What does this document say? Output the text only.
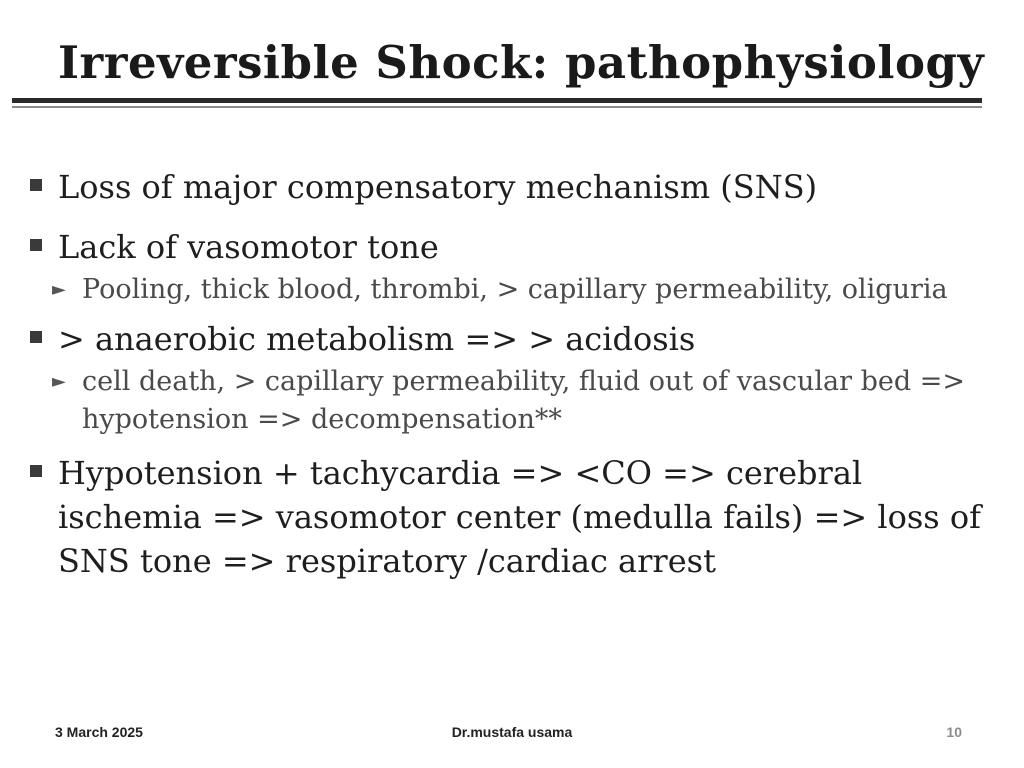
Irreversible Shock: pathophysiology
Loss of major compensatory mechanism (SNS)
Lack of vasomotor tone
► Pooling, thick blood, thrombi, > capillary permeability, oliguria
> anaerobic metabolism => > acidosis
► cell death, > capillary permeability, fluid out of vascular bed => hypotension => decompensation**
Hypotension + tachycardia => <CO => cerebral ischemia => vasomotor center (medulla fails) => loss of SNS tone => respiratory /cardiac arrest
3 March 2025	Dr.mustafa usama	10
